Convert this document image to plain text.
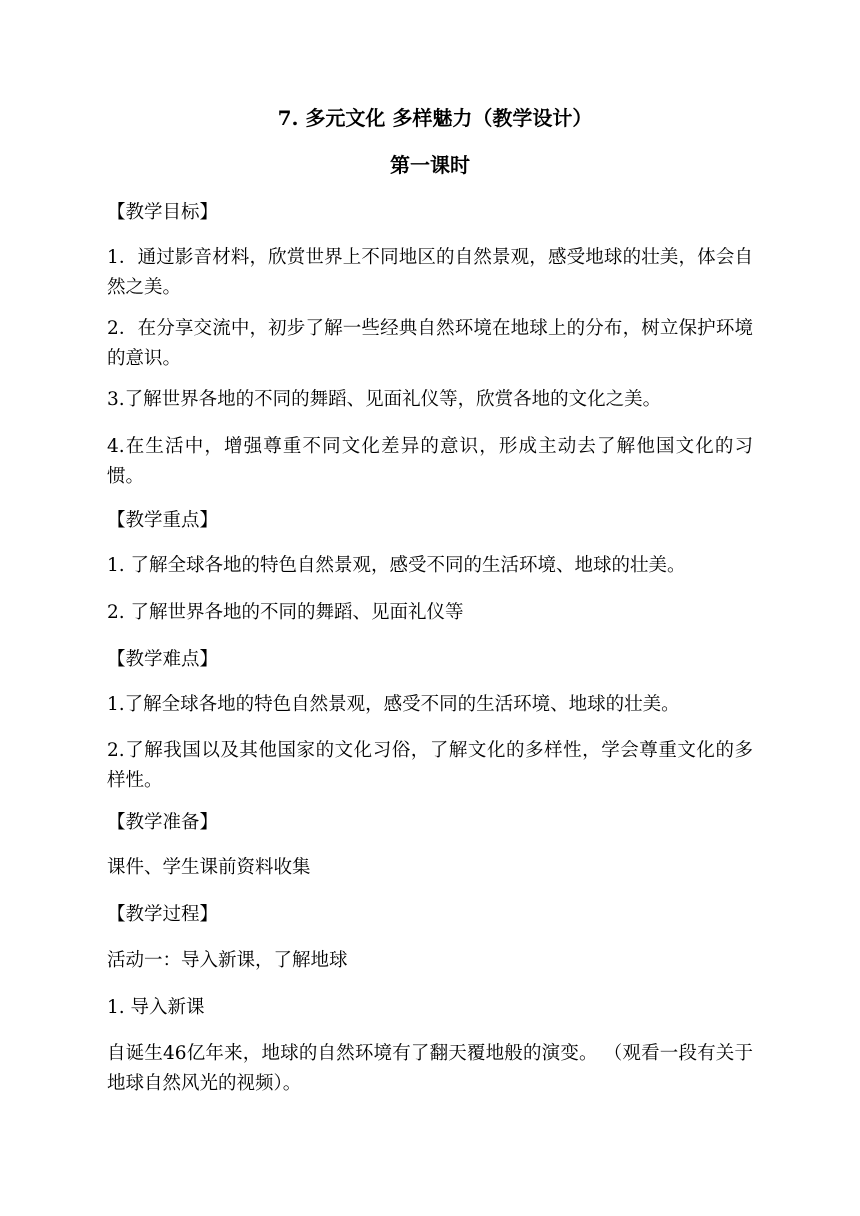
7. 多元文化 多样魅力（教学设计）
第一课时
【教学目标】
1．通过影音材料，欣赏世界上不同地区的自然景观，感受地球的壮美，体会自然之美。
2．在分享交流中，初步了解一些经典自然环境在地球上的分布，树立保护环境的意识。
3.了解世界各地的不同的舞蹈、见面礼仪等，欣赏各地的文化之美。
4.在生活中，增强尊重不同文化差异的意识，形成主动去了解他国文化的习惯。
【教学重点】
1. 了解全球各地的特色自然景观，感受不同的生活环境、地球的壮美。
2. 了解世界各地的不同的舞蹈、见面礼仪等
【教学难点】
1.了解全球各地的特色自然景观，感受不同的生活环境、地球的壮美。
2.了解我国以及其他国家的文化习俗，了解文化的多样性，学会尊重文化的多样性。
【教学准备】
课件、学生课前资料收集
【教学过程】
活动一：导入新课，了解地球
1. 导入新课
自诞生46亿年来，地球的自然环境有了翻天覆地般的演变。 （观看一段有关于地球自然风光的视频）。
